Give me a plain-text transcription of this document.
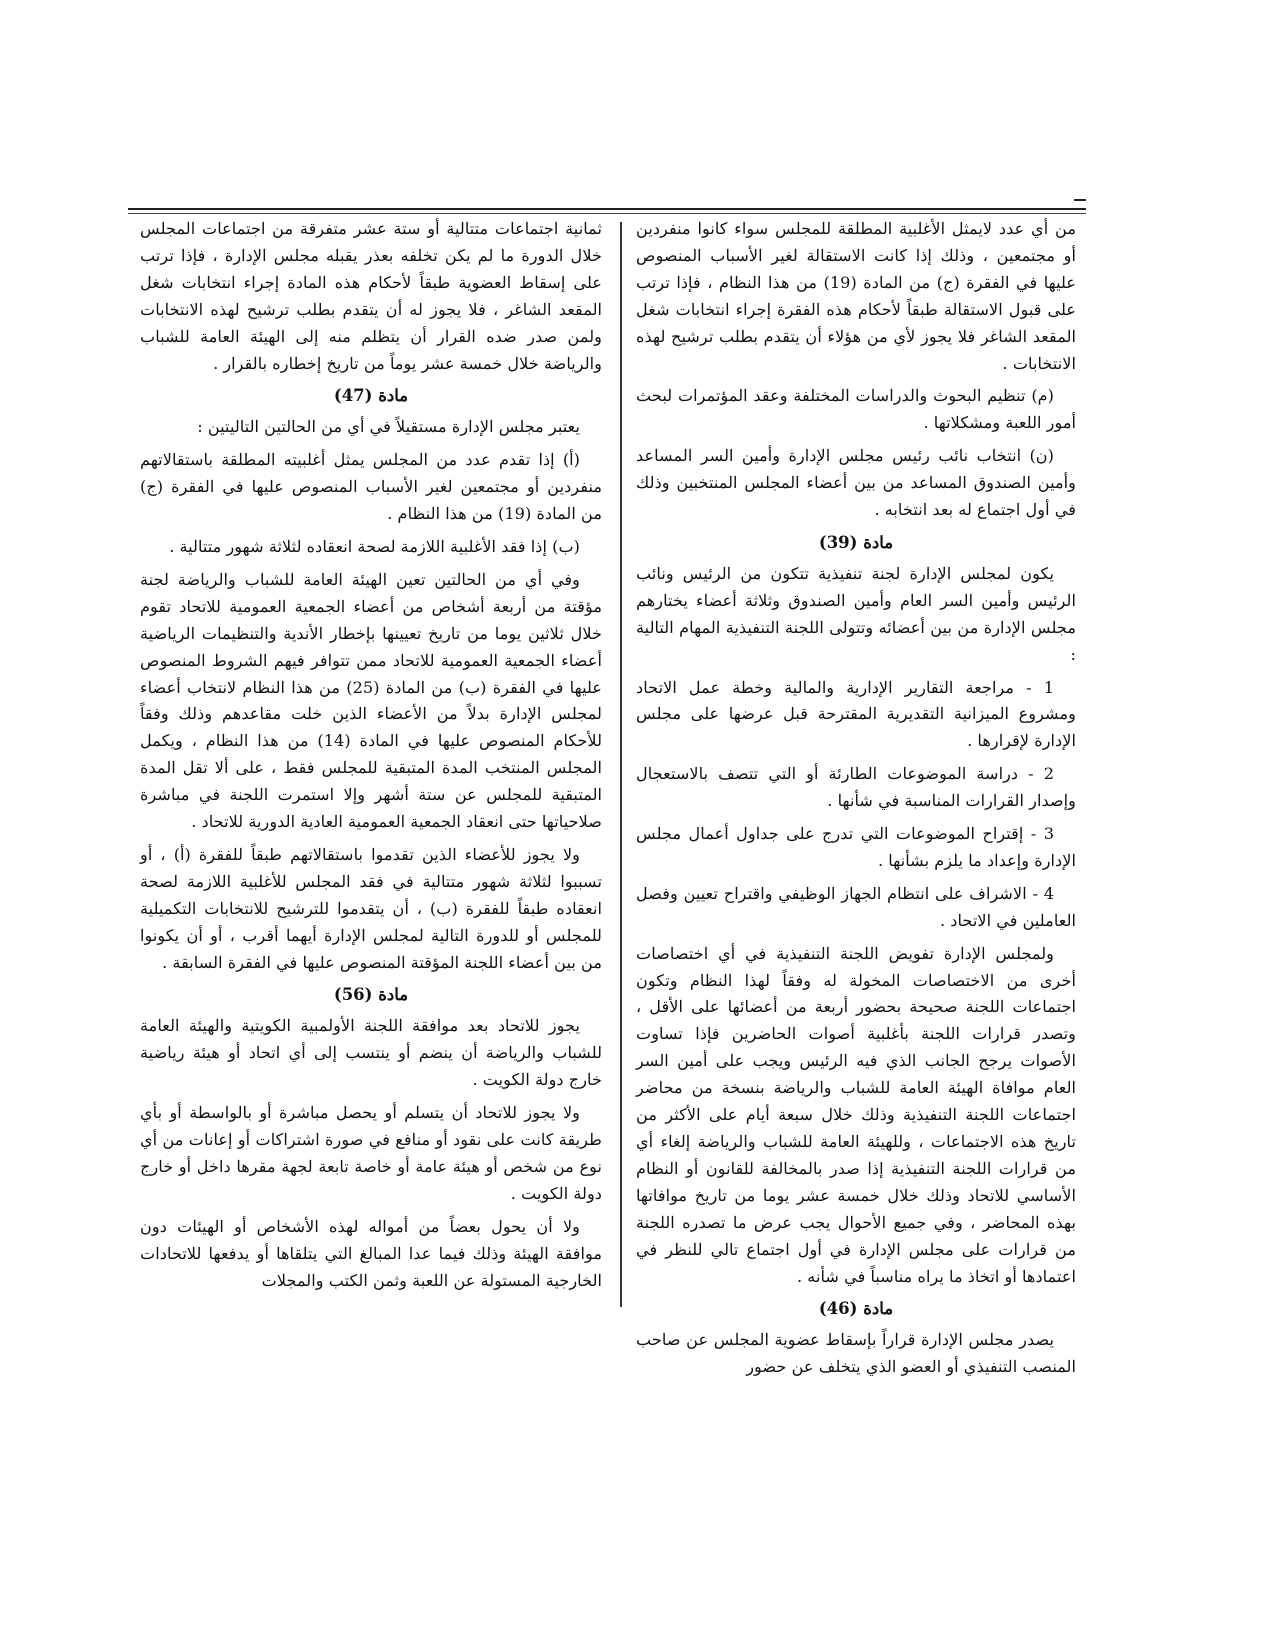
من أي عدد لايمثل الأغلبية المطلقة للمجلس سواء كانوا منفردين أو مجتمعين ، وذلك إذا كانت الاستقالة لغير الأسباب المنصوص عليها في الفقرة (ج) من المادة (19) من هذا النظام ، فإذا ترتب على قبول الاستقالة طبقاً لأحكام هذه الفقرة إجراء انتخابات شغل المقعد الشاغر فلا يجوز لأي من هؤلاء أن يتقدم بطلب ترشيح لهذه الانتخابات .

(م) تنظيم البحوث والدراسات المختلفة وعقد المؤتمرات لبحث أمور اللعبة ومشكلاتها .

(ن) انتخاب نائب رئيس مجلس الإدارة وأمين السر المساعد وأمين الصندوق المساعد من بين أعضاء المجلس المنتخبين وذلك في أول اجتماع له بعد انتخابه .

مادة (39)

يكون لمجلس الإدارة لجنة تنفيذية تتكون من الرئيس ونائب الرئيس وأمين السر العام وأمين الصندوق وثلاثة أعضاء يختارهم مجلس الإدارة من بين أعضائه وتتولى اللجنة التنفيذية المهام التالية :

1 - مراجعة التقارير الإدارية والمالية وخطة عمل الاتحاد ومشروع الميزانية التقديرية المقترحة قبل عرضها على مجلس الإدارة لإقرارها .

2 - دراسة الموضوعات الطارئة أو التي تتصف بالاستعجال وإصدار القرارات المناسبة في شأنها .

3 - إقتراح الموضوعات التي تدرج على جداول أعمال مجلس الإدارة وإعداد ما يلزم بشأنها .

4 - الاشراف على انتظام الجهاز الوظيفي واقتراح تعيين وفصل العاملين في الاتحاد .

ولمجلس الإدارة تفويض اللجنة التنفيذية في أي اختصاصات أخرى من الاختصاصات المخولة له وفقاً لهذا النظام وتكون اجتماعات اللجنة صحيحة بحضور أربعة من أعضائها على الأقل ، وتصدر قرارات اللجنة بأغلبية أصوات الحاضرين فإذا تساوت الأصوات يرجح الجانب الذي فيه الرئيس ويجب على أمين السر العام موافاة الهيئة العامة للشباب والرياضة بنسخة من محاضر اجتماعات اللجنة التنفيذية وذلك خلال سبعة أيام على الأكثر من تاريخ هذه الاجتماعات ، وللهيئة العامة للشباب والرياضة إلغاء أي من قرارات اللجنة التنفيذية إذا صدر بالمخالفة للقانون أو النظام الأساسي للاتحاد وذلك خلال خمسة عشر يوما من تاريخ موافاتها بهذه المحاضر ، وفي جميع الأحوال يجب عرض ما تصدره اللجنة من قرارات على مجلس الإدارة في أول اجتماع تالي للنظر في اعتمادها أو اتخاذ ما يراه مناسباً في شأنه .

مادة (46)

يصدر مجلس الإدارة قراراً بإسقاط عضوية المجلس عن صاحب المنصب التنفيذي أو العضو الذي يتخلف عن حضور

ثمانية اجتماعات متتالية أو ستة عشر متفرقة من اجتماعات المجلس خلال الدورة ما لم يكن تخلفه بعذر يقبله مجلس الإدارة ، فإذا ترتب على إسقاط العضوية طبقاً لأحكام هذه المادة إجراء انتخابات شغل المقعد الشاغر ، فلا يجوز له أن يتقدم بطلب ترشيح لهذه الانتخابات ولمن صدر ضده القرار أن يتظلم منه إلى الهيئة العامة للشباب والرياضة خلال خمسة عشر يوماً من تاريخ إخطاره بالقرار .

مادة (47)

يعتبر مجلس الإدارة مستقيلاً في أي من الحالتين التاليتين :

(أ) إذا تقدم عدد من المجلس يمثل أغلبيته المطلقة باستقالاتهم منفردين أو مجتمعين لغير الأسباب المنصوص عليها في الفقرة (ج) من المادة (19) من هذا النظام .

(ب) إذا فقد الأغلبية اللازمة لصحة انعقاده لثلاثة شهور متتالية .

وفي أي من الحالتين تعين الهيئة العامة للشباب والرياضة لجنة مؤقتة من أربعة أشخاص من أعضاء الجمعية العمومية للاتحاد تقوم خلال ثلاثين يوما من تاريخ تعيينها بإخطار الأندية والتنظيمات الرياضية أعضاء الجمعية العمومية للاتحاد ممن تتوافر فيهم الشروط المنصوص عليها في الفقرة (ب) من المادة (25) من هذا النظام لانتخاب أعضاء لمجلس الإدارة بدلاً من الأعضاء الذين خلت مقاعدهم وذلك وفقاً للأحكام المنصوص عليها في المادة (14) من هذا النظام ، ويكمل المجلس المنتخب المدة المتبقية للمجلس فقط ، على ألا تقل المدة المتبقية للمجلس عن ستة أشهر وإلا استمرت اللجنة في مباشرة صلاحياتها حتى انعقاد الجمعية العمومية العادية الدورية للاتحاد .

ولا يجوز للأعضاء الذين تقدموا باستقالاتهم طبقاً للفقرة (أ) ، أو تسببوا لثلاثة شهور متتالية في فقد المجلس للأغلبية اللازمة لصحة انعقاده طبقاً للفقرة (ب) ، أن يتقدموا للترشيح للانتخابات التكميلية للمجلس أو للدورة التالية لمجلس الإدارة أيهما أقرب ، أو أن يكونوا من بين أعضاء اللجنة المؤقتة المنصوص عليها في الفقرة السابقة .

مادة (56)

يجوز للاتحاد بعد موافقة اللجنة الأولمبية الكويتية والهيئة العامة للشباب والرياضة أن ينضم أو ينتسب إلى أي اتحاد أو هيئة رياضية خارج دولة الكويت .

ولا يجوز للاتحاد أن يتسلم أو يحصل مباشرة أو بالواسطة أو بأي طريقة كانت على نقود أو منافع في صورة اشتراكات أو إعانات من أي نوع من شخص أو هيئة عامة أو خاصة تابعة لجهة مقرها داخل أو خارج دولة الكويت .

ولا أن يحول بعضاً من أمواله لهذه الأشخاص أو الهيئات دون موافقة الهيئة وذلك فيما عدا المبالغ التي يتلقاها أو يدفعها للاتحادات الخارجية المستولة عن اللعبة وثمن الكتب والمجلات
